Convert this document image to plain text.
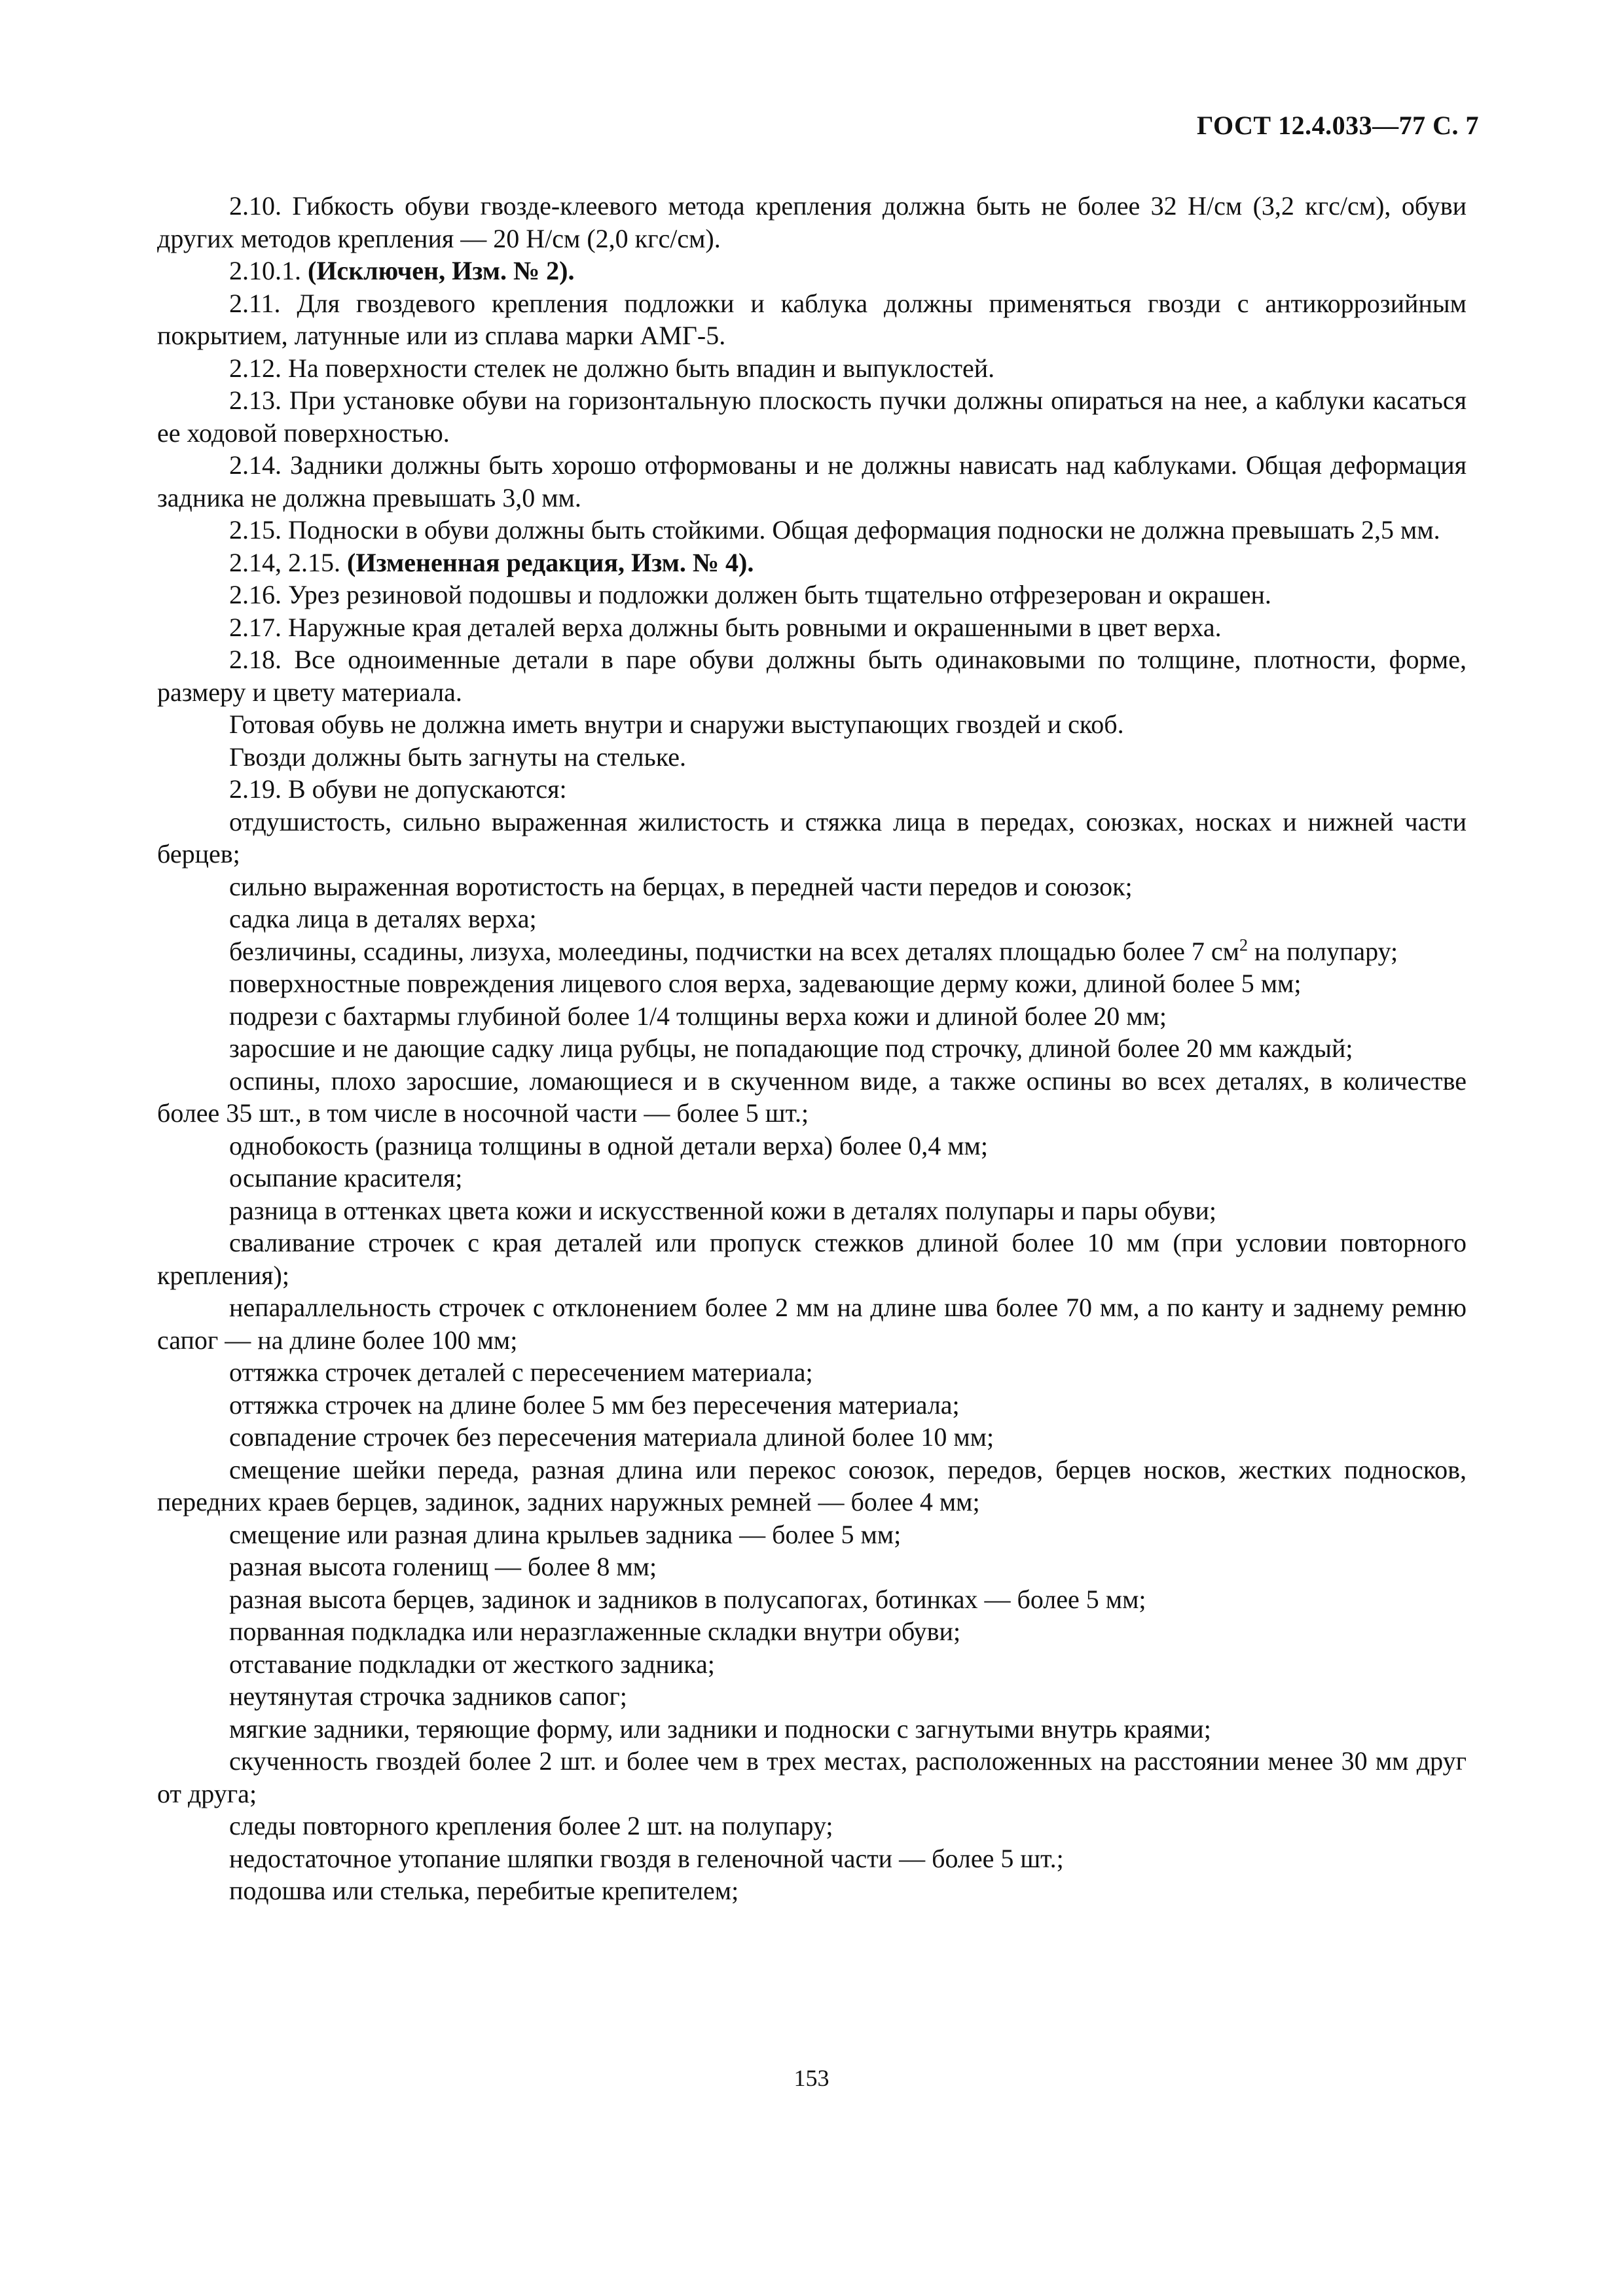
ГОСТ 12.4.033—77 С. 7

2.10. Гибкость обуви гвозде-клеевого метода крепления должна быть не более 32 Н/см (3,2 кгс/см), обуви других методов крепления — 20 Н/см (2,0 кгс/см).

2.10.1. (Исключен, Изм. № 2).

2.11. Для гвоздевого крепления подложки и каблука должны применяться гвозди с антикоррозийным покрытием, латунные или из сплава марки АМГ-5.

2.12. На поверхности стелек не должно быть впадин и выпуклостей.

2.13. При установке обуви на горизонтальную плоскость пучки должны опираться на нее, а каблуки касаться ее ходовой поверхностью.

2.14. Задники должны быть хорошо отформованы и не должны нависать над каблуками. Общая деформация задника не должна превышать 3,0 мм.

2.15. Подноски в обуви должны быть стойкими. Общая деформация подноски не должна превышать 2,5 мм.

2.14, 2.15. (Измененная редакция, Изм. № 4).

2.16. Урез резиновой подошвы и подложки должен быть тщательно отфрезерован и окрашен.

2.17. Наружные края деталей верха должны быть ровными и окрашенными в цвет верха.

2.18. Все одноименные детали в паре обуви должны быть одинаковыми по толщине, плотности, форме, размеру и цвету материала.

Готовая обувь не должна иметь внутри и снаружи выступающих гвоздей и скоб.

Гвозди должны быть загнуты на стельке.

2.19. В обуви не допускаются:

отдушистость, сильно выраженная жилистость и стяжка лица в передах, союзках, носках и нижней части берцев;

сильно выраженная воротистость на берцах, в передней части передов и союзок;

садка лица в деталях верха;

безличины, ссадины, лизуха, молеедины, подчистки на всех деталях площадью более 7 $см^2$ на полупару;

поверхностные повреждения лицевого слоя верха, задевающие дерму кожи, длиной более 5 мм;

подрези с бахтармы глубиной более 1/4 толщины верха кожи и длиной более 20 мм;

заросшие и не дающие садку лица рубцы, не попадающие под строчку, длиной более 20 мм каждый;

оспины, плохо заросшие, ломающиеся и в скученном виде, а также оспины во всех деталях, в количестве более 35 шт., в том числе в носочной части — более 5 шт.;

однобокость (разница толщины в одной детали верха) более 0,4 мм;

осыпание красителя;

разница в оттенках цвета кожи и искусственной кожи в деталях полупары и пары обуви;

сваливание строчек с края деталей или пропуск стежков длиной более 10 мм (при условии повторного крепления);

непараллельность строчек с отклонением более 2 мм на длине шва более 70 мм, а по канту и заднему ремню сапог — на длине более 100 мм;

оттяжка строчек деталей с пересечением материала;

оттяжка строчек на длине более 5 мм без пересечения материала;

совпадение строчек без пересечения материала длиной более 10 мм;

смещение шейки переда, разная длина или перекос союзок, передов, берцев носков, жестких подносков, передних краев берцев, задинок, задних наружных ремней — более 4 мм;

смещение или разная длина крыльев задника — более 5 мм;

разная высота голенищ — более 8 мм;

разная высота берцев, задинок и задников в полусапогах, ботинках — более 5 мм;

порванная подкладка или неразглаженные складки внутри обуви;

отставание подкладки от жесткого задника;

неутянутая строчка задников сапог;

мягкие задники, теряющие форму, или задники и подноски с загнутыми внутрь краями;

скученность гвоздей более 2 шт. и более чем в трех местах, расположенных на расстоянии менее 30 мм друг от друга;

следы повторного крепления более 2 шт. на полупару;

недостаточное утопание шляпки гвоздя в геленочной части — более 5 шт.;

подошва или стелька, перебитые крепителем;

153
